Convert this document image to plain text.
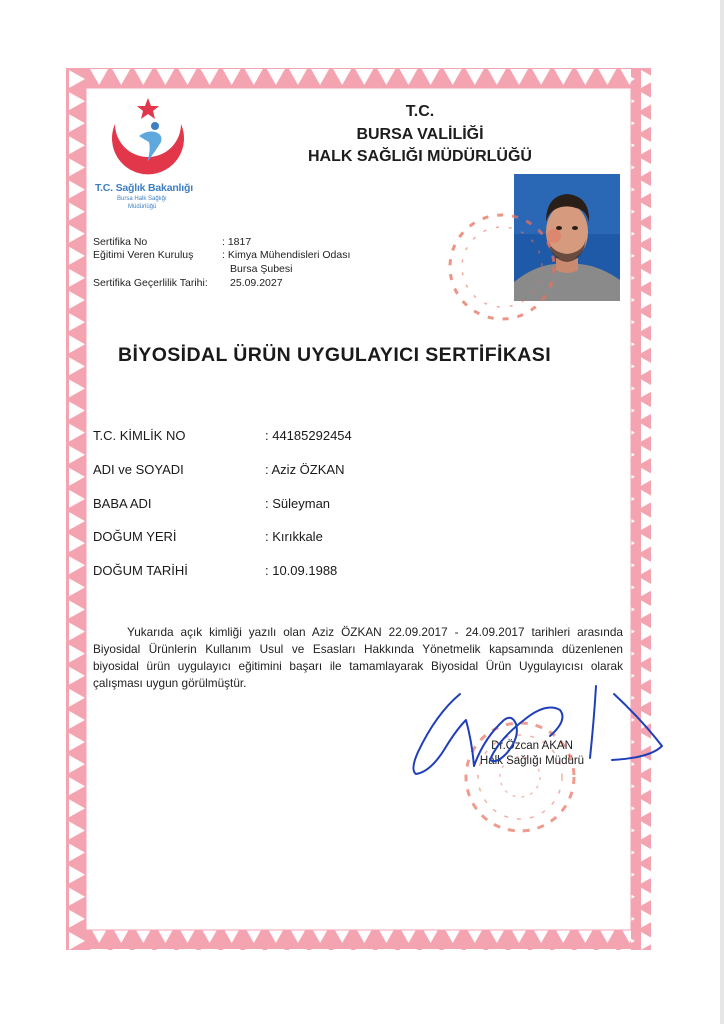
T.C. Sağlık Bakanlığı
Bursa Halk Sağlığı
Müdürlüğü
T.C.
BURSA VALİLİĞİ
HALK SAĞLIĞI MÜDÜRLÜĞÜ
Sertifika No	: 1817
Eğitimi Veren Kuruluş	: Kimya Mühendisleri Odası
Bursa Şubesi
Sertifika Geçerlilik Tarihi: 25.09.2027
BİYOSİDAL ÜRÜN UYGULAYICI SERTİFİKASI
T.C. KİMLİK NO	: 44185292454
ADI ve SOYADI	: Aziz ÖZKAN
BABA ADI	: Süleyman
DOĞUM YERİ	: Kırıkkale
DOĞUM TARİHİ	: 10.09.1988
Yukarıda açık kimliği yazılı olan Aziz ÖZKAN 22.09.2017 - 24.09.2017 tarihleri arasında Biyosidal Ürünlerin Kullanım Usul ve Esasları Hakkında Yönetmelik kapsamında düzenlenen biyosidal ürün uygulayıcı eğitimini başarı ile tamamlayarak Biyosidal Ürün Uygulayıcısı olarak çalışması uygun görülmüştür.
Dr.Özcan AKAN
Halk Sağlığı Müdürü
